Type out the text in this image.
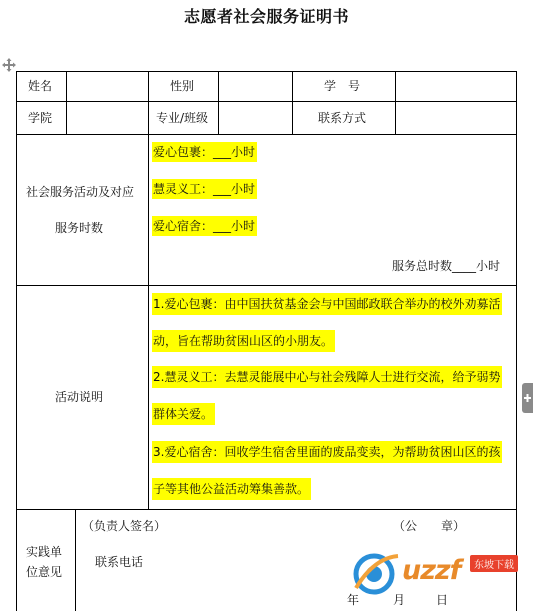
志愿者社会服务证明书
姓名	性别	学　号
学院	专业/班级	联系方式
社会服务活动及对应
服务时数
爱心包裹：___小时
慧灵义工：___小时
爱心宿舍：___小时
服务总时数____小时
活动说明
1.爱心包裹：由中国扶贫基金会与中国邮政联合举办的校外劝募活
动，旨在帮助贫困山区的小朋友。
2.慧灵义工：去慧灵能展中心与社会残障人士进行交流，给予弱势
群体关爱。
3.爱心宿舍：回收学生宿舍里面的废品变卖，为帮助贫困山区的孩
子等其他公益活动筹集善款。
实践单
位意见
（负责人签名）	（公　　章）
联系电话
年	月	日
uzzf	东坡下载
